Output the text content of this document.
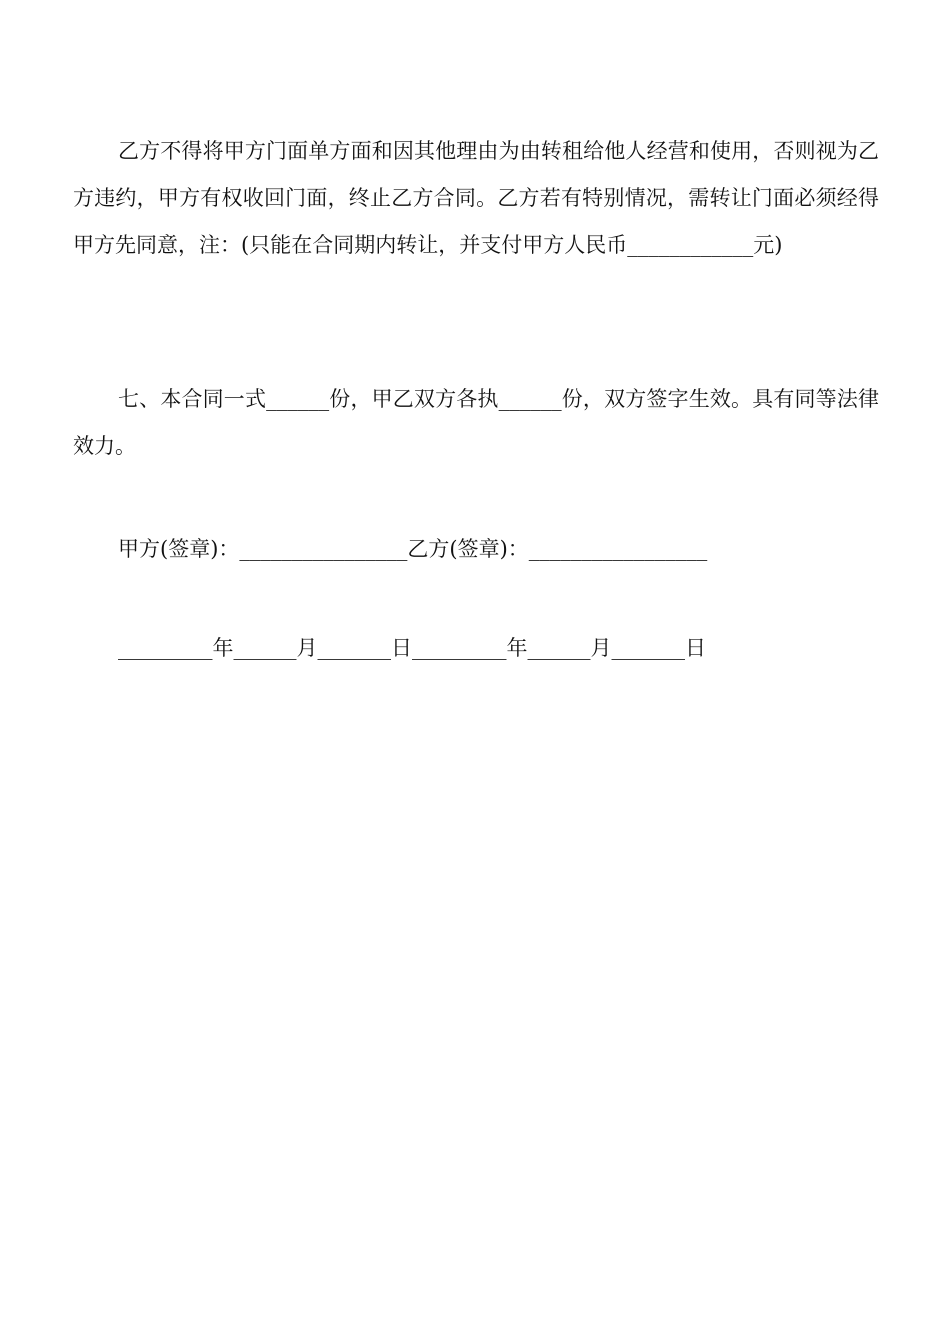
乙方不得将甲方门面单方面和因其他理由为由转租给他人经营和使用，否则视为乙方违约，甲方有权收回门面，终止乙方合同。乙方若有特别情况，需转让门面必须经得甲方先同意，注：(只能在合同期内转让，并支付甲方人民币____________元)

七、本合同一式______份，甲乙双方各执______份，双方签字生效。具有同等法律效力。

甲方(签章)：________________乙方(签章)：_________________

_________年______月_______日_________年______月_______日
